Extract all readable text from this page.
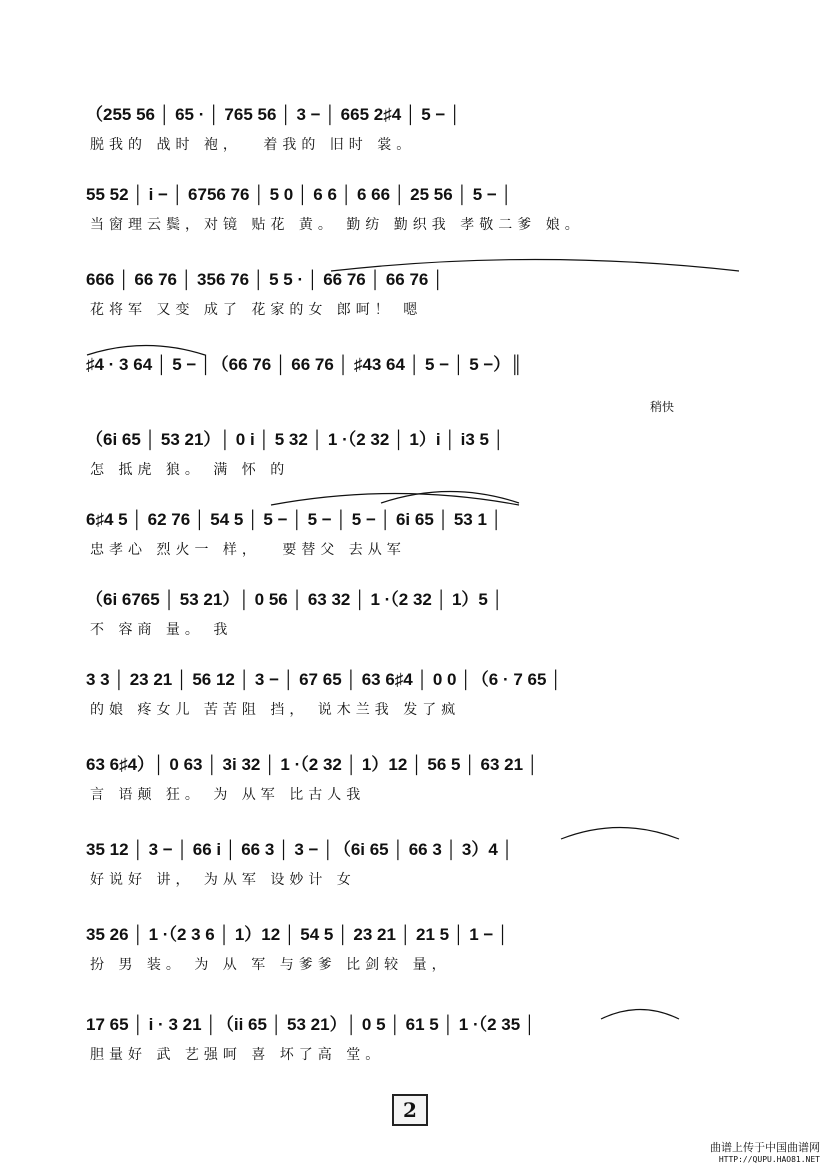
稍快
（255 56 │ 65 · │ 765 56 │ 3 − │ 665 2♯4 │ 5 − │
脱我的 战时 袍，　 着我的 旧时 裳。
55 52 │ i − │ 6756 76 │ 5 0 │ 6 6 │ 6 66 │ 25 56 │ 5 − │
当窗理云鬓，对镜 贴花 黄。 勤纺 勤织我 孝敬二爹 娘。
666 │ 66 76 │ 356 76 │ 5 5 · │ 66 76 │ 66 76 │
花将军 又变 成了 花家的女 郎呵！ 嗯
♯4 · 3 64 │ 5 − │（66 76 │ 66 76 │ ♯43 64 │ 5 − │ 5 −）║
（6i 65 │ 53 21）│ 0 i │ 5 32 │ 1 ·（2 32 │ 1）i │ i3 5 │
怎 抵虎 狼。 满 怀 的
6♯4 5 │ 62 76 │ 54 5 │ 5 − │ 5 − │ 5 − │ 6i 65 │ 53 1 │
忠孝心 烈火一 样，　 要替父 去从军
（6i 6765 │ 53 21）│ 0 56 │ 63 32 │ 1 ·（2 32 │ 1）5 │
不 容商 量。 我
3 3 │ 23 21 │ 56 12 │ 3 − │ 67 65 │ 63 6♯4 │ 0 0 │（6 · 7 65 │
的娘 疼女儿 苦苦阻 挡， 说木兰我 发了疯
63 6♯4）│ 0 63 │ 3i 32 │ 1 ·（2 32 │ 1）12 │ 56 5 │ 63 21 │
言 语颠 狂。 为 从军 比古人我
35 12 │ 3 − │ 66 i │ 66 3 │ 3 − │（6i 65 │ 66 3 │ 3）4 │
好说好 讲， 为从军 设妙计 女
35 26 │ 1 ·（2 3 6 │ 1）12 │ 54 5 │ 23 21 │ 21 5 │ 1 − │
扮 男 装。 为 从 军 与爹爹 比剑较 量，
17 65 │ i · 3 21 │（ii 65 │ 53 21）│ 0 5 │ 61 5 │ 1 ·（2 35 │
胆量好 武 艺强呵 喜 坏了高 堂。
2
曲谱上传于中国曲谱网
HTTP://QUPU.HAO81.NET
